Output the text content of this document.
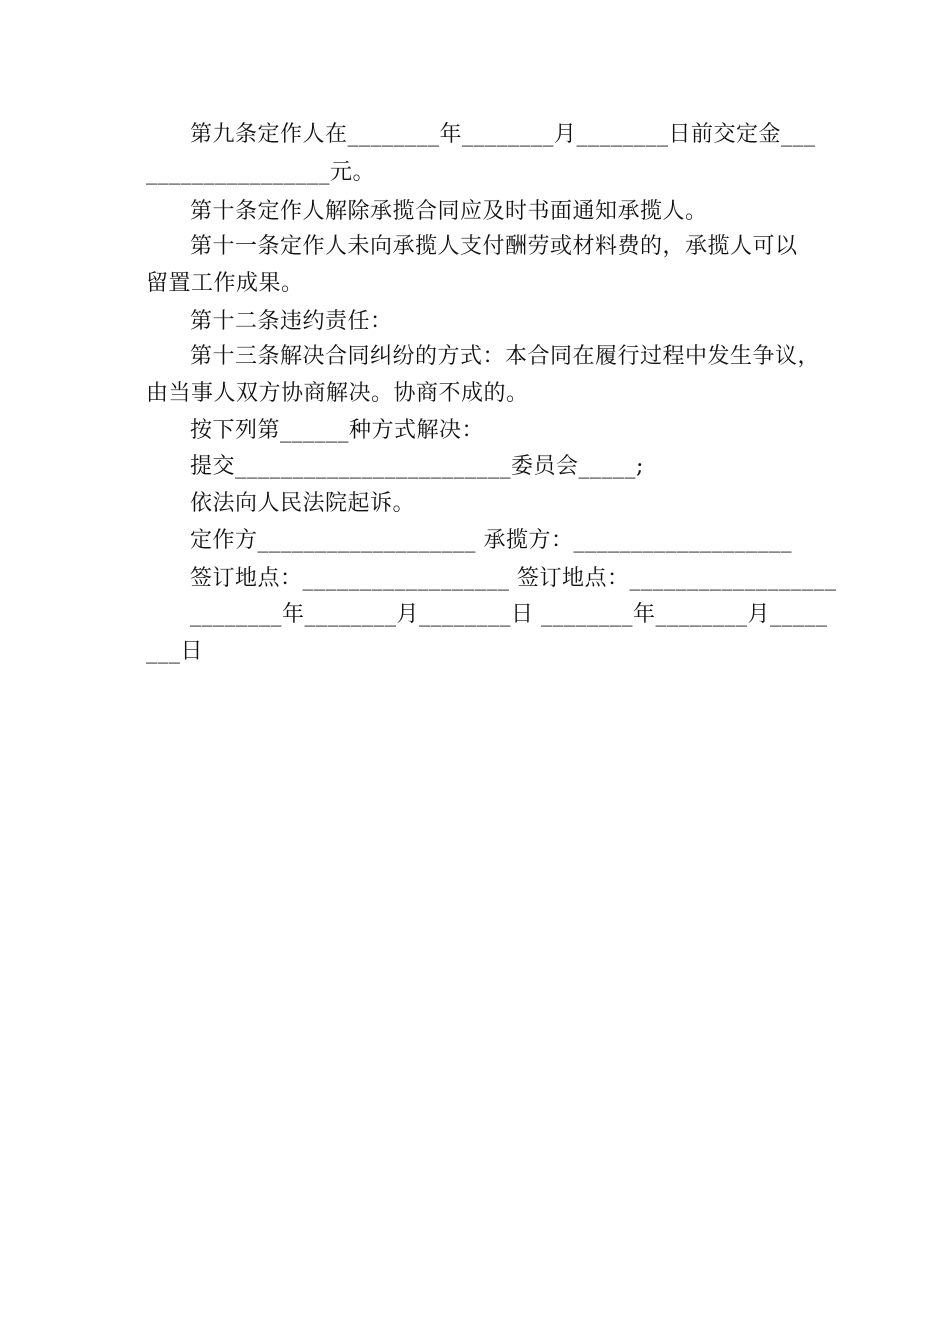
第九条定作人在________年________月________日前交定金___
________________元。
第十条定作人解除承揽合同应及时书面通知承揽人。
第十一条定作人未向承揽人支付酬劳或材料费的，承揽人可以
留置工作成果。
第十二条违约责任：
第十三条解决合同纠纷的方式：本合同在履行过程中发生争议，
由当事人双方协商解决。协商不成的。
按下列第______种方式解决：
提交________________________委员会_____;
依法向人民法院起诉。
定作方___________________ 承揽方：___________________
签订地点：__________________ 签订地点：__________________
________年________月________日 ________年________月_____
___日
